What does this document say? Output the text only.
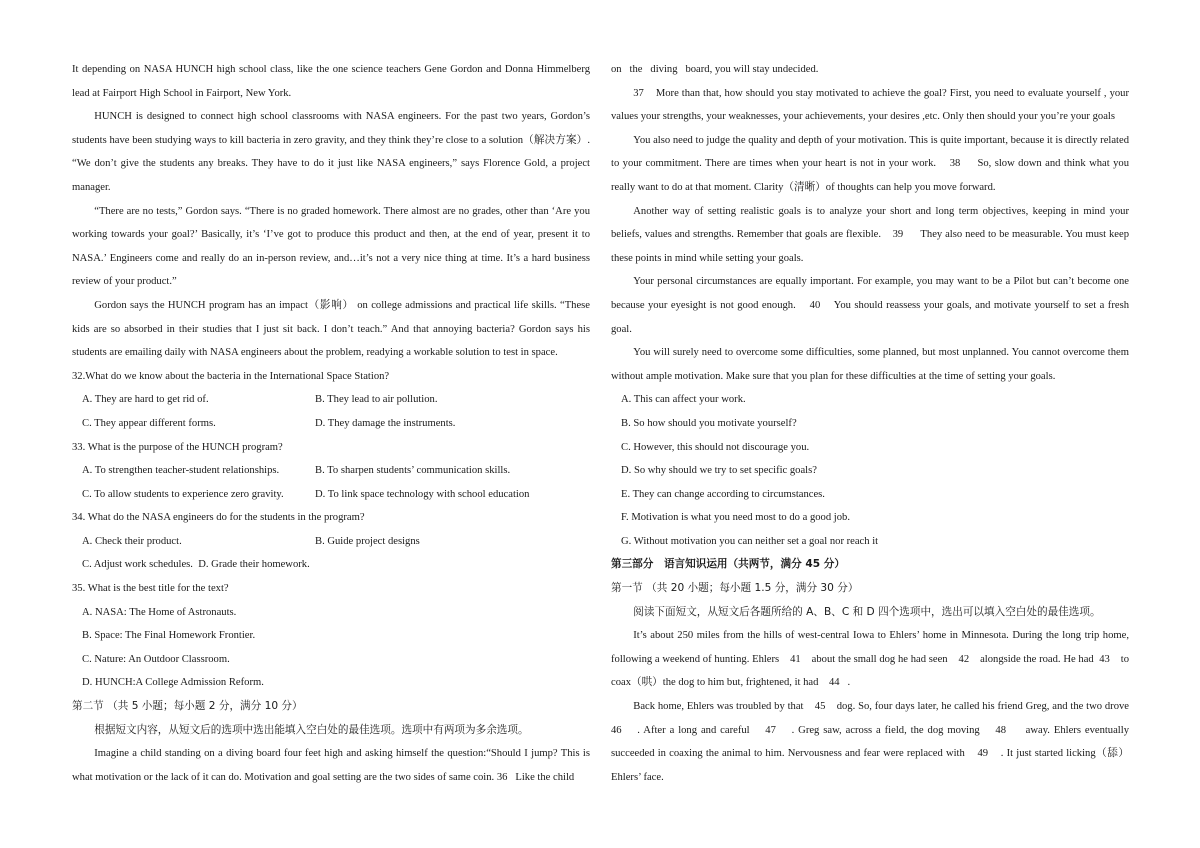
It depending on NASA HUNCH high school class, like the one science teachers Gene Gordon and Donna Himmelberg lead at Fairport High School in Fairport, New York.

HUNCH is designed to connect high school classrooms with NASA engineers. For the past two years, Gordon’s students have been studying ways to kill bacteria in zero gravity, and they think they’re close to a solution（解决方案）. “We don’t give the students any breaks. They have to do it just like NASA engineers,” says Florence Gold, a project manager.

“There are no tests,” Gordon says. “There is no graded homework. There almost are no grades, other than ‘Are you working towards your goal?’ Basically, it’s ‘I’ve got to produce this product and then, at the end of year, present it to NASA.’ Engineers come and really do an in-person review, and…it’s not a very nice thing at time. It’s a hard business review of your product.”

Gordon says the HUNCH program has an impact（影响） on college admissions and practical life skills. “These kids are so absorbed in their studies that I just sit back. I don’t teach.” And that annoying bacteria? Gordon says his students are emailing daily with NASA engineers about the problem, readying a workable solution to test in space.

32.What do we know about the bacteria in the International Space Station?

A. They are hard to get rid of.	B. They lead to air pollution.
C. They appear different forms.	D. They damage the instruments.

33. What is the purpose of the HUNCH program?

A. To strengthen teacher-student relationships.	B. To sharpen students’ communication skills.
C. To allow students to experience zero gravity.	D. To link space technology with school education

34. What do the NASA engineers do for the students in the program?

A. Check their product.	B. Guide project designs

C. Adjust work schedules.  D. Grade their homework.

35. What is the best title for the text?

A. NASA: The Home of Astronauts.

B. Space: The Final Homework Frontier.

C. Nature: An Outdoor Classroom.

D. HUNCH:A College Admission Reform.

第二节 （共 5 小题；每小题 2 分，满分 10 分）

根据短文内容，从短文后的选项中选出能填入空白处的最佳选项。选项中有两项为多余选项。

Imagine a child standing on a diving board four feet high and asking himself the question:“Should I jump? This is what motivation or the lack of it can do. Motivation and goal setting are the two sides of same coin. 36   Like the child

on   the   diving   board, you will stay undecided.

37    More than that, how should you stay motivated to achieve the goal? First, you need to evaluate yourself , your values your strengths, your weaknesses, your achievements, your desires ,etc. Only then should your you’re your goals

You also need to judge the quality and depth of your motivation. This is quite important, because it is directly related to your commitment. There are times when your heart is not in your work.    38     So, slow down and think what you really want to do at that moment. Clarity（清晰）of thoughts can help you move forward.

Another way of setting realistic goals is to analyze your short and long term objectives, keeping in mind your beliefs, values and strengths. Remember that goals are flexible.    39      They also need to be measurable. You must keep these points in mind while setting your goals.

Your personal circumstances are equally important. For example, you may want to be a Pilot but can’t become one because your eyesight is not good enough.    40    You should reassess your goals, and motivate yourself to set a fresh goal.

You will surely need to overcome some difficulties, some planned, but most unplanned. You cannot overcome them without ample motivation. Make sure that you plan for these difficulties at the time of setting your goals.

A. This can affect your work.

B. So how should you motivate yourself?

C. However, this should not discourage you.

D. So why should we try to set specific goals?

E. They can change according to circumstances.

F. Motivation is what you need most to do a good job.

G. Without motivation you can neither set a goal nor reach it

第三部分　语言知识运用（共两节，满分 45 分）

第一节 （共 20 小题；每小题 1.5 分，满分 30 分）

阅读下面短文，从短文后各题所给的 A、B、C 和 D 四个选项中，选出可以填入空白处的最佳选项。

It’s about 250 miles from the hills of west-central Iowa to Ehlers’ home in Minnesota. During the long trip home, following a weekend of hunting. Ehlers    41    about the small dog he had seen    42    alongside the road. He had  43    to coax（哄）the dog to him but, frightened, it had    44   .

Back home, Ehlers was troubled by that    45    dog. So, four days later, he called his friend Greg, and the two drove    46    . After a long and careful    47    . Greg saw, across a field, the dog moving    48     away. Ehlers eventually succeeded in coaxing the animal to him. Nervousness and fear were replaced with    49    . It just started licking（舔）Ehlers’ face.
